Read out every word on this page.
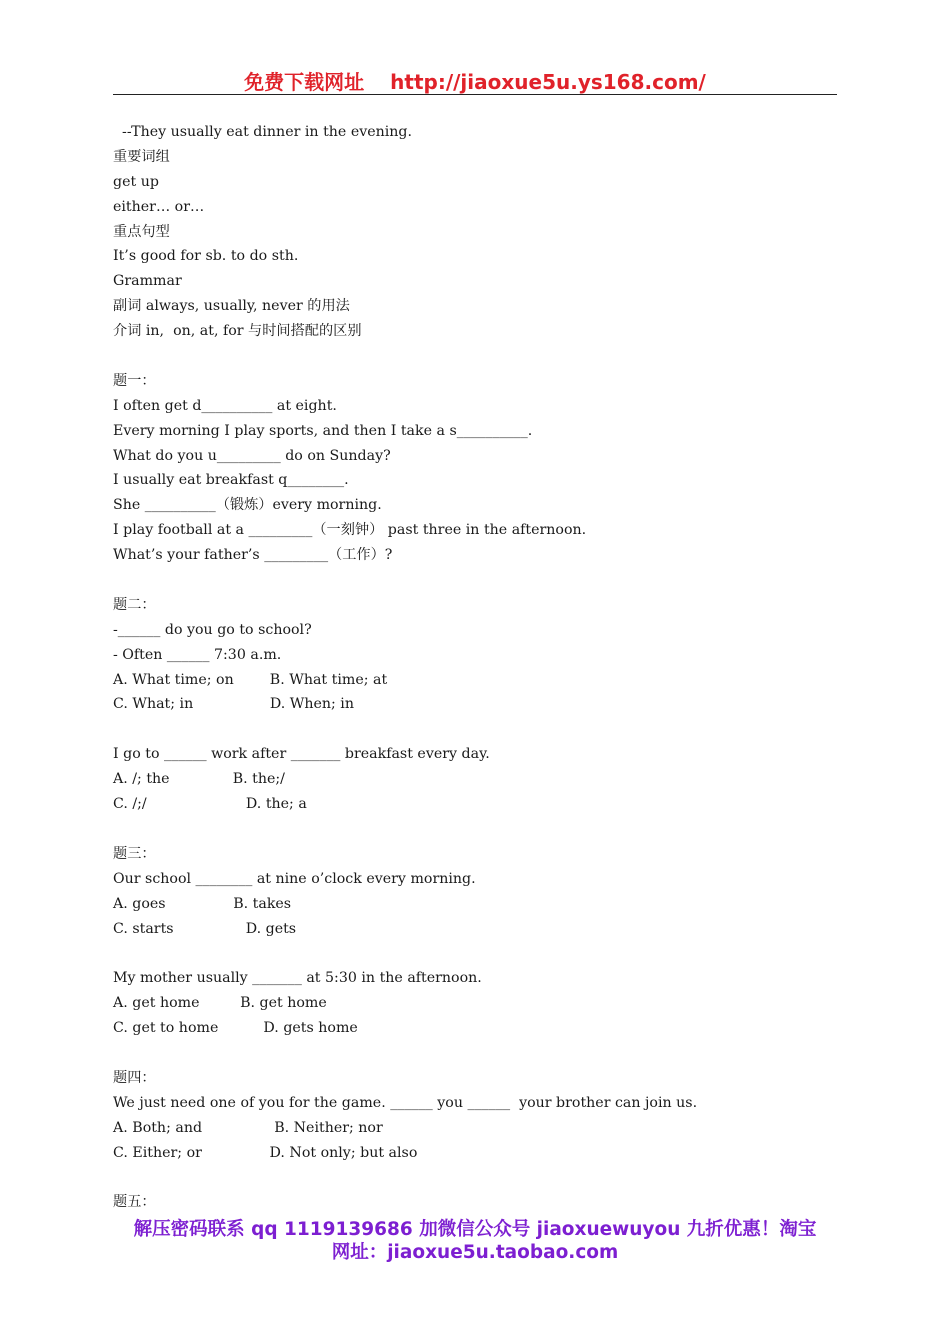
免费下载网址 http://jiaoxue5u.ys168.com/
--They usually eat dinner in the evening.
重要词组
get up
either… or…
重点句型
It’s good for sb. to do sth.
Grammar
副词 always, usually, never 的用法
介词 in,  on, at, for 与时间搭配的区别
题一：
I often get d__________ at eight.
Every morning I play sports, and then I take a s__________.
What do you u_________ do on Sunday?
I usually eat breakfast q________.
She __________（锻炼）every morning.
I play football at a _________（一刻钟） past three in the afternoon.
What’s your father’s _________（工作）?
题二：
-______ do you go to school?
- Often ______ 7:30 a.m.
A. What time; on        B. What time; at
C. What; in                 D. When; in
I go to ______ work after _______ breakfast every day.
A. /; the              B. the;/
C. /;/                      D. the; a
题三：
Our school ________ at nine o’clock every morning.
A. goes               B. takes
C. starts                D. gets
My mother usually _______ at 5:30 in the afternoon.
A. get home         B. get home
C. get to home          D. gets home
题四：
We just need one of you for the game. ______ you ______  your brother can join us.
A. Both; and                B. Neither; nor
C. Either; or               D. Not only; but also
题五：
解压密码联系 qq 1119139686 加微信公众号 jiaoxuewuyou 九折优惠！淘宝
网址：jiaoxue5u.taobao.com
